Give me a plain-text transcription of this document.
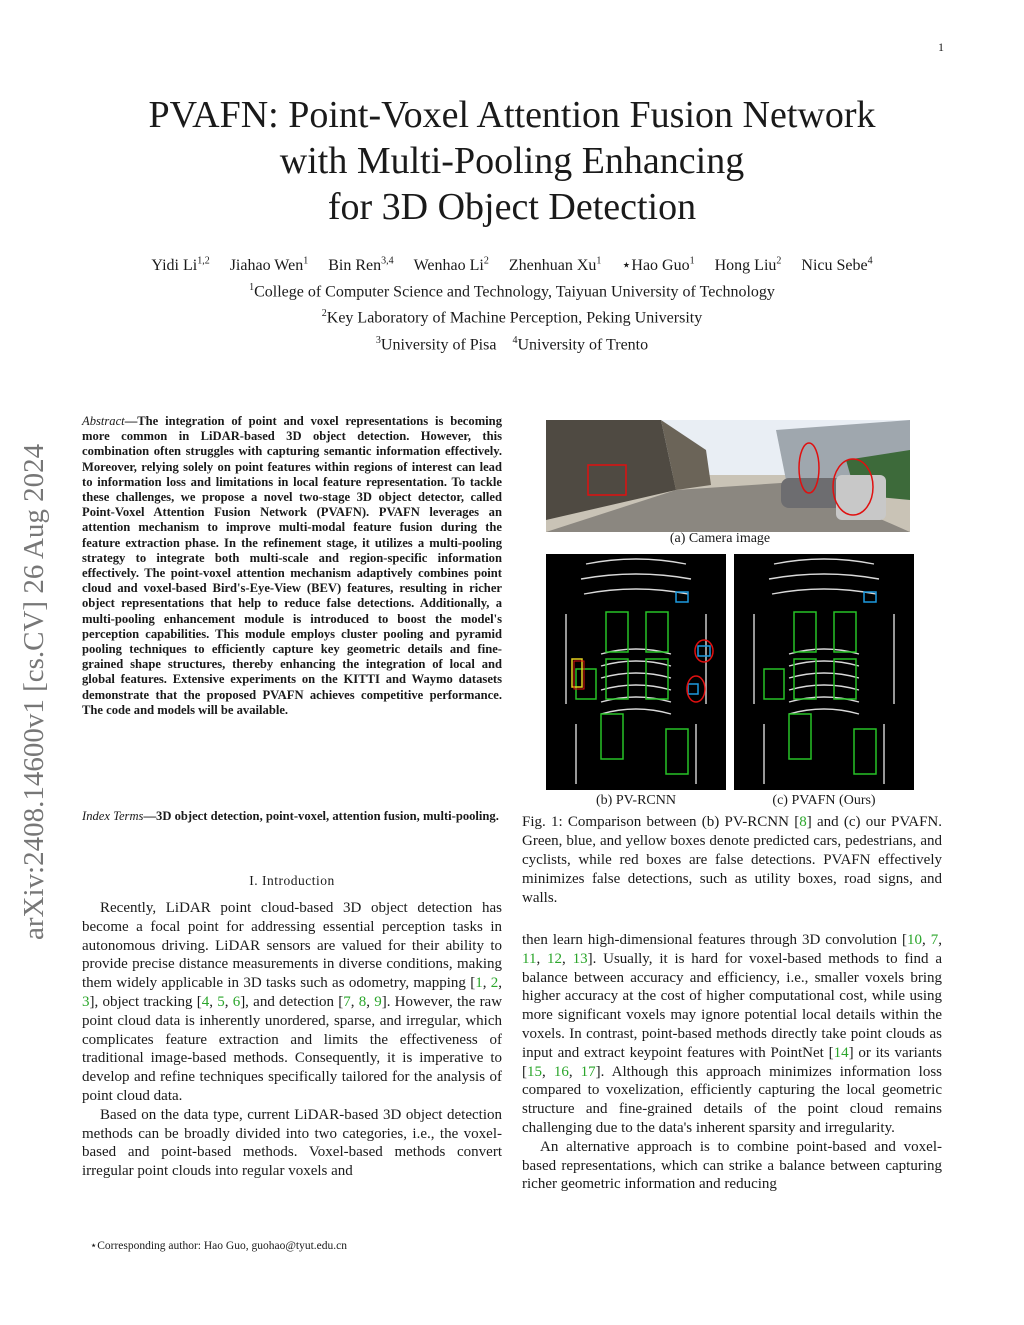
1
arXiv:2408.14600v1 [cs.CV] 26 Aug 2024
PVAFN: Point-Voxel Attention Fusion Network
with Multi-Pooling Enhancing
for 3D Object Detection
Yidi Li$^{1,2}$ Jiahao Wen$^1$ Bin Ren$^{3,4}$ Wenhao Li$^2$ Zhenhuan Xu$^1$ ⋆Hao Guo$^1$ Hong Liu$^2$ Nicu Sebe$^4$
$^1$College of Computer Science and Technology, Taiyuan University of Technology
$^2$Key Laboratory of Machine Perception, Peking University
$^3$University of Pisa $^4$University of Trento
Abstract—The integration of point and voxel representations is becoming more common in LiDAR-based 3D object detection. However, this combination often struggles with capturing semantic information effectively. Moreover, relying solely on point features within regions of interest can lead to information loss and limitations in local feature representation. To tackle these challenges, we propose a novel two-stage 3D object detector, called Point-Voxel Attention Fusion Network (PVAFN). PVAFN leverages an attention mechanism to improve multi-modal feature fusion during the feature extraction phase. In the refinement stage, it utilizes a multi-pooling strategy to integrate both multi-scale and region-specific information effectively. The point-voxel attention mechanism adaptively combines point cloud and voxel-based Bird's-Eye-View (BEV) features, resulting in richer object representations that help to reduce false detections. Additionally, a multi-pooling enhancement module is introduced to boost the model's perception capabilities. This module employs cluster pooling and pyramid pooling techniques to efficiently capture key geometric details and fine-grained shape structures, thereby enhancing the integration of local and global features. Extensive experiments on the KITTI and Waymo datasets demonstrate that the proposed PVAFN achieves competitive performance. The code and models will be available.
Index Terms—3D object detection, point-voxel, attention fusion, multi-pooling.
I. Introduction

Recently, LiDAR point cloud-based 3D object detection has become a focal point for addressing essential perception tasks in autonomous driving. LiDAR sensors are valued for their ability to provide precise distance measurements in diverse conditions, making them widely applicable in 3D tasks such as odometry, mapping [1, 2, 3], object tracking [4, 5, 6], and detection [7, 8, 9]. However, the raw point cloud data is inherently unordered, sparse, and irregular, which complicates feature extraction and limits the effectiveness of traditional image-based methods. Consequently, it is imperative to develop and refine techniques specifically tailored for the analysis of point cloud data.

Based on the data type, current LiDAR-based 3D object detection methods can be broadly divided into two categories, i.e., the voxel-based and point-based methods. Voxel-based methods convert irregular point clouds into regular voxels and

⋆Corresponding author: Hao Guo, guohao@tyut.edu.cn
(a) Camera image
(b) PV-RCNN	(c) PVAFN (Ours)
Fig. 1: Comparison between (b) PV-RCNN [8] and (c) our PVAFN. Green, blue, and yellow boxes denote predicted cars, pedestrians, and cyclists, while red boxes are false detections. PVAFN effectively minimizes false detections, such as utility boxes, road signs, and walls.

then learn high-dimensional features through 3D convolution [10, 7, 11, 12, 13]. Usually, it is hard for voxel-based methods to find a balance between accuracy and efficiency, i.e., smaller voxels bring higher accuracy at the cost of higher computational cost, while using more significant voxels may ignore potential local details within the voxels. In contrast, point-based methods directly take point clouds as input and extract keypoint features with PointNet [14] or its variants [15, 16, 17]. Although this approach minimizes information loss compared to voxelization, efficiently capturing the local geometric structure and fine-grained details of the point cloud remains challenging due to the data's inherent sparsity and irregularity.

An alternative approach is to combine point-based and voxel-based representations, which can strike a balance between capturing richer geometric information and reducing
